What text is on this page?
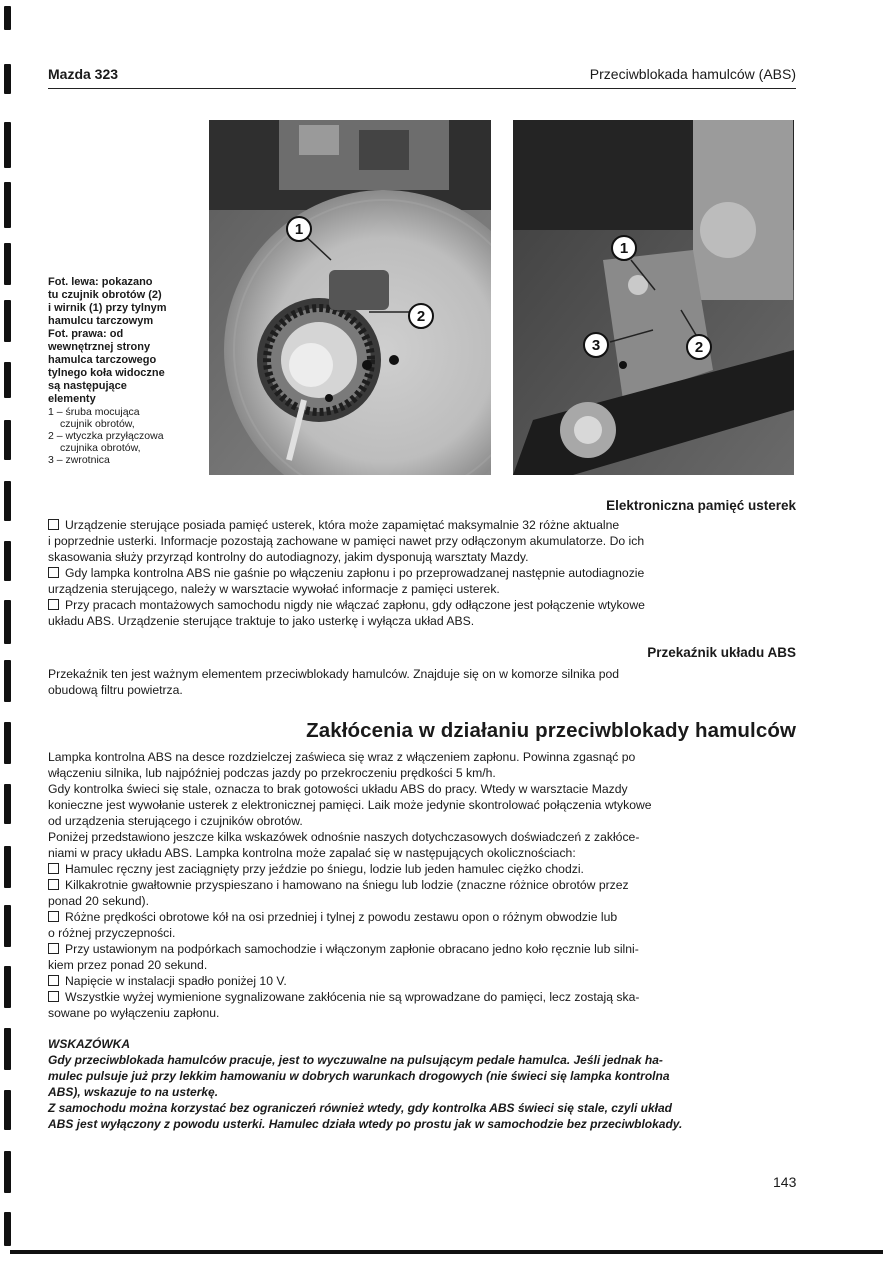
Mazda 323	Przeciwblokada hamulców (ABS)
Fot. lewa: pokazano
tu czujnik obrotów (2)
i wirnik (1) przy tylnym
hamulcu tarczowym
Fot. prawa: od
wewnętrznej strony
hamulca tarczowego
tylnego koła widoczne
są następujące
elementy
1 – śruba mocująca
czujnik obrotów,
2 – wtyczka przyłączowa
czujnika obrotów,
3 – zwrotnica
1
2
1
3	2
Elektroniczna pamięć usterek

Urządzenie sterujące posiada pamięć usterek, która może zapamiętać maksymalnie 32 różne aktualne

i poprzednie usterki. Informacje pozostają zachowane w pamięci nawet przy odłączonym akumulatorze. Do ich

skasowania służy przyrząd kontrolny do autodiagnozy, jakim dysponują warsztaty Mazdy.

Gdy lampka kontrolna ABS nie gaśnie po włączeniu zapłonu i po przeprowadzanej następnie autodiagnozie

urządzenia sterującego, należy w warsztacie wywołać informacje z pamięci usterek.

Przy pracach montażowych samochodu nigdy nie włączać zapłonu, gdy odłączone jest połączenie wtykowe

układu ABS. Urządzenie sterujące traktuje to jako usterkę i wyłącza układ ABS.

Przekaźnik układu ABS

Przekaźnik ten jest ważnym elementem przeciwblokady hamulców. Znajduje się on w komorze silnika pod

obudową filtru powietrza.

Zakłócenia w działaniu przeciwblokady hamulców

Lampka kontrolna ABS na desce rozdzielczej zaświeca się wraz z włączeniem zapłonu. Powinna zgasnąć po

włączeniu silnika, lub najpóźniej podczas jazdy po przekroczeniu prędkości 5 km/h.

Gdy kontrolka świeci się stale, oznacza to brak gotowości układu ABS do pracy. Wtedy w warsztacie Mazdy

konieczne jest wywołanie usterek z elektronicznej pamięci. Laik może jedynie skontrolować połączenia wtykowe

od urządzenia sterującego i czujników obrotów.

Poniżej przedstawiono jeszcze kilka wskazówek odnośnie naszych dotychczasowych doświadczeń z zakłóce-

niami w pracy układu ABS. Lampka kontrolna może zapalać się w następujących okolicznościach:

Hamulec ręczny jest zaciągnięty przy jeździe po śniegu, lodzie lub jeden hamulec ciężko chodzi.

Kilkakrotnie gwałtownie przyspieszano i hamowano na śniegu lub lodzie (znaczne różnice obrotów przez

ponad 20 sekund).

Różne prędkości obrotowe kół na osi przedniej i tylnej z powodu zestawu opon o różnym obwodzie lub

o różnej przyczepności.

Przy ustawionym na podpórkach samochodzie i włączonym zapłonie obracano jedno koło ręcznie lub silni-

kiem przez ponad 20 sekund.

Napięcie w instalacji spadło poniżej 10 V.

Wszystkie wyżej wymienione sygnalizowane zakłócenia nie są wprowadzane do pamięci, lecz zostają ska-

sowane po wyłączeniu zapłonu.

WSKAZÓWKA

Gdy przeciwblokada hamulców pracuje, jest to wyczuwalne na pulsującym pedale hamulca. Jeśli jednak ha-

mulec pulsuje już przy lekkim hamowaniu w dobrych warunkach drogowych (nie świeci się lampka kontrolna

ABS), wskazuje to na usterkę.

Z samochodu można korzystać bez ograniczeń również wtedy, gdy kontrolka ABS świeci się stale, czyli układ

ABS jest wyłączony z powodu usterki. Hamulec działa wtedy po prostu jak w samochodzie bez przeciwblokady.

143
